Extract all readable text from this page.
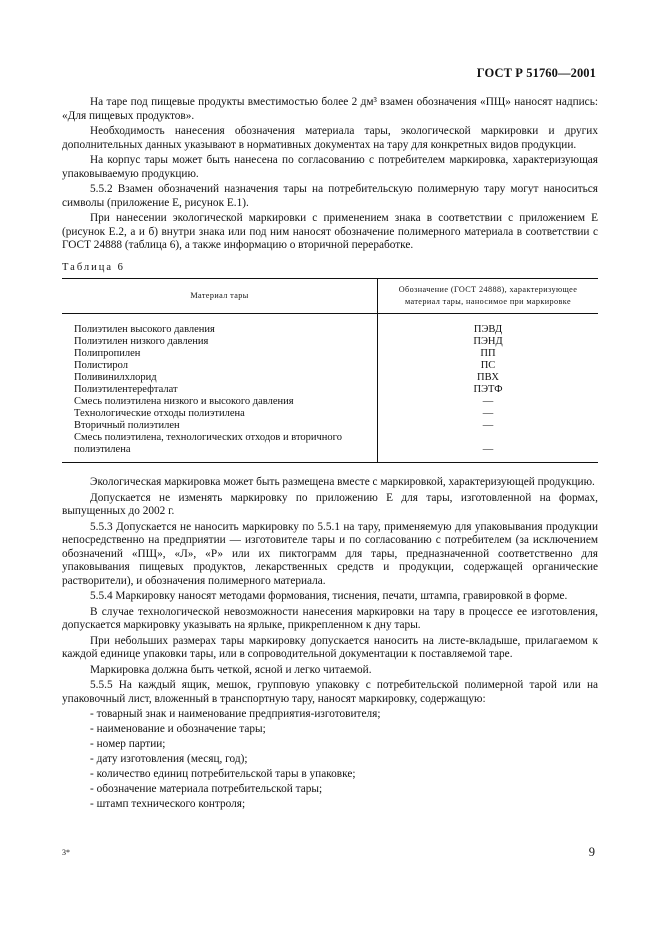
ГОСТ Р 51760—2001

На таре под пищевые продукты вместимостью более 2 дм³ взамен обозначения «ПЩ» наносят надпись: «Для пищевых продуктов».

Необходимость нанесения обозначения материала тары, экологической маркировки и других дополнительных данных указывают в нормативных документах на тару для конкретных видов продукции.

На корпус тары может быть нанесена по согласованию с потребителем маркировка, характеризующая упаковываемую продукцию.

5.5.2 Взамен обозначений назначения тары на потребительскую полимерную тару могут наноситься символы (приложение Е, рисунок Е.1).

При нанесении экологической маркировки с применением знака в соответствии с приложением Е (рисунок Е.2, а и б) внутри знака или под ним наносят обозначение полимерного материала в соответствии с ГОСТ 24888 (таблица 6), а также информацию о вторичной переработке.

Таблица 6
Материал тары	Обозначение (ГОСТ 24888), характеризующее материал тары, наносимое при маркировке
Полиэтилен высокого давления	ПЭВД
Полиэтилен низкого давления	ПЭНД
Полипропилен	ПП
Полистирол	ПС
Поливинилхлорид	ПВХ
Полиэтилентерефталат	ПЭТФ
Смесь полиэтилена низкого и высокого давления	—
Технологические отходы полиэтилена	—
Вторичный полиэтилен	—

Смесь полиэтилена, технологических отходов и вторичного полиэтилена	—

Экологическая маркировка может быть размещена вместе с маркировкой, характеризующей продукцию.

Допускается не изменять маркировку по приложению Е для тары, изготовленной на формах, выпущенных до 2002 г.

5.5.3 Допускается не наносить маркировку по 5.5.1 на тару, применяемую для упаковывания продукции непосредственно на предприятии — изготовителе тары и по согласованию с потребителем (за исключением обозначений «ПЩ», «Л», «Р» или их пиктограмм для тары, предназначенной соответственно для упаковывания пищевых продуктов, лекарственных средств и продукции, содержащей органические растворители), и обозначения полимерного материала.

5.5.4 Маркировку наносят методами формования, тиснения, печати, штампа, гравировкой в форме.

В случае технологической невозможности нанесения маркировки на тару в процессе ее изготовления, допускается маркировку указывать на ярлыке, прикрепленном к дну тары.

При небольших размерах тары маркировку допускается наносить на листе-вкладыше, прилагаемом к каждой единице упаковки тары, или в сопроводительной документации к поставляемой таре.

Маркировка должна быть четкой, ясной и легко читаемой.

5.5.5 На каждый ящик, мешок, групповую упаковку с потребительской полимерной тарой или на упаковочный лист, вложенный в транспортную тару, наносят маркировку, содержащую:

- товарный знак и наименование предприятия-изготовителя;
- наименование и обозначение тары;
- номер партии;
- дату изготовления (месяц, год);
- количество единиц потребительской тары в упаковке;
- обозначение материала потребительской тары;
- штамп технического контроля;
3*	9
